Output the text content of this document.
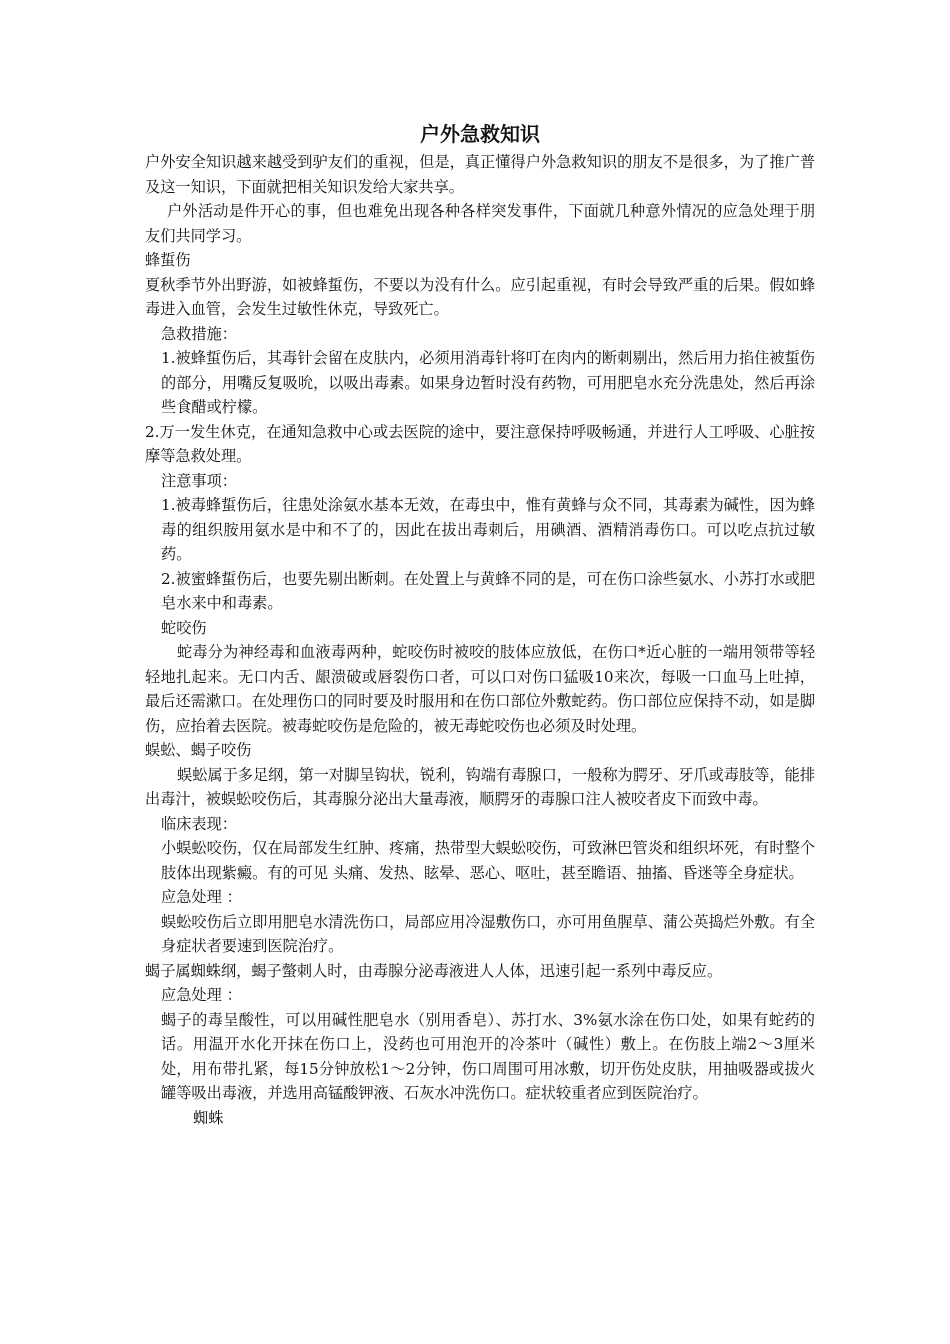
户外急救知识

户外安全知识越来越受到驴友们的重视，但是，真正懂得户外急救知识的朋友不是很多，为了推广普及这一知识，下面就把相关知识发给大家共享。

户外活动是件开心的事，但也难免出现各种各样突发事件，下面就几种意外情况的应急处理于朋友们共同学习。

蜂蜇伤

夏秋季节外出野游，如被蜂蜇伤，不要以为没有什么。应引起重视，有时会导致严重的后果。假如蜂毒进入血管，会发生过敏性休克，导致死亡。

急救措施：

1.被蜂蜇伤后，其毒针会留在皮肤内，必须用消毒针将叮在肉内的断刺剔出，然后用力掐住被蜇伤的部分，用嘴反复吸吮，以吸出毒素。如果身边暂时没有药物，可用肥皂水充分洗患处，然后再涂些食醋或柠檬。

2.万一发生休克，在通知急救中心或去医院的途中，要注意保持呼吸畅通，并进行人工呼吸、心脏按摩等急救处理。

注意事项：

1.被毒蜂蜇伤后，往患处涂氨水基本无效，在毒虫中，惟有黄蜂与众不同，其毒素为碱性，因为蜂毒的组织胺用氨水是中和不了的，因此在拔出毒刺后，用碘酒、酒精消毒伤口。可以吃点抗过敏药。

2.被蜜蜂蜇伤后，也要先剔出断刺。在处置上与黄蜂不同的是，可在伤口涂些氨水、小苏打水或肥皂水来中和毒素。

蛇咬伤

蛇毒分为神经毒和血液毒两种，蛇咬伤时被咬的肢体应放低，在伤口*近心脏的一端用领带等轻轻地扎起来。无口内舌、龈溃破或唇裂伤口者，可以口对伤口猛吸10来次，每吸一口血马上吐掉，最后还需漱口。在处理伤口的同时要及时服用和在伤口部位外敷蛇药。伤口部位应保持不动，如是脚伤，应抬着去医院。被毒蛇咬伤是危险的，被无毒蛇咬伤也必须及时处理。

蜈蚣、蝎子咬伤

蜈蚣属于多足纲，第一对脚呈钩状，锐利，钩端有毒腺口，一般称为腭牙、牙爪或毒肢等，能排出毒汁，被蜈蚣咬伤后，其毒腺分泌出大量毒液，顺腭牙的毒腺口注人被咬者皮下而致中毒。

临床表现：

小蜈蚣咬伤，仅在局部发生红肿、疼痛，热带型大蜈蚣咬伤，可致淋巴管炎和组织坏死，有时整个肢体出现紫癜。有的可见 头痛、发热、眩晕、恶心、呕吐，甚至瞻语、抽搐、昏迷等全身症状。

应急处理 ：

蜈蚣咬伤后立即用肥皂水清洗伤口，局部应用冷湿敷伤口，亦可用鱼腥草、蒲公英捣烂外敷。有全身症状者要速到医院治疗。

蝎子属蜘蛛纲，蝎子螫刺人时，由毒腺分泌毒液进人人体，迅速引起一系列中毒反应。

应急处理 ：

蝎子的毒呈酸性，可以用碱性肥皂水（别用香皂）、苏打水、3%氨水涂在伤口处，如果有蛇药的话。用温开水化开抹在伤口上，没药也可用泡开的冷茶叶（碱性）敷上。在伤肢上端2～3厘米处，用布带扎紧，每15分钟放松1～2分钟，伤口周围可用冰敷，切开伤处皮肤，用抽吸器或拔火罐等吸出毒液，并选用高锰酸钾液、石灰水冲洗伤口。症状较重者应到医院治疗。

蜘蛛
